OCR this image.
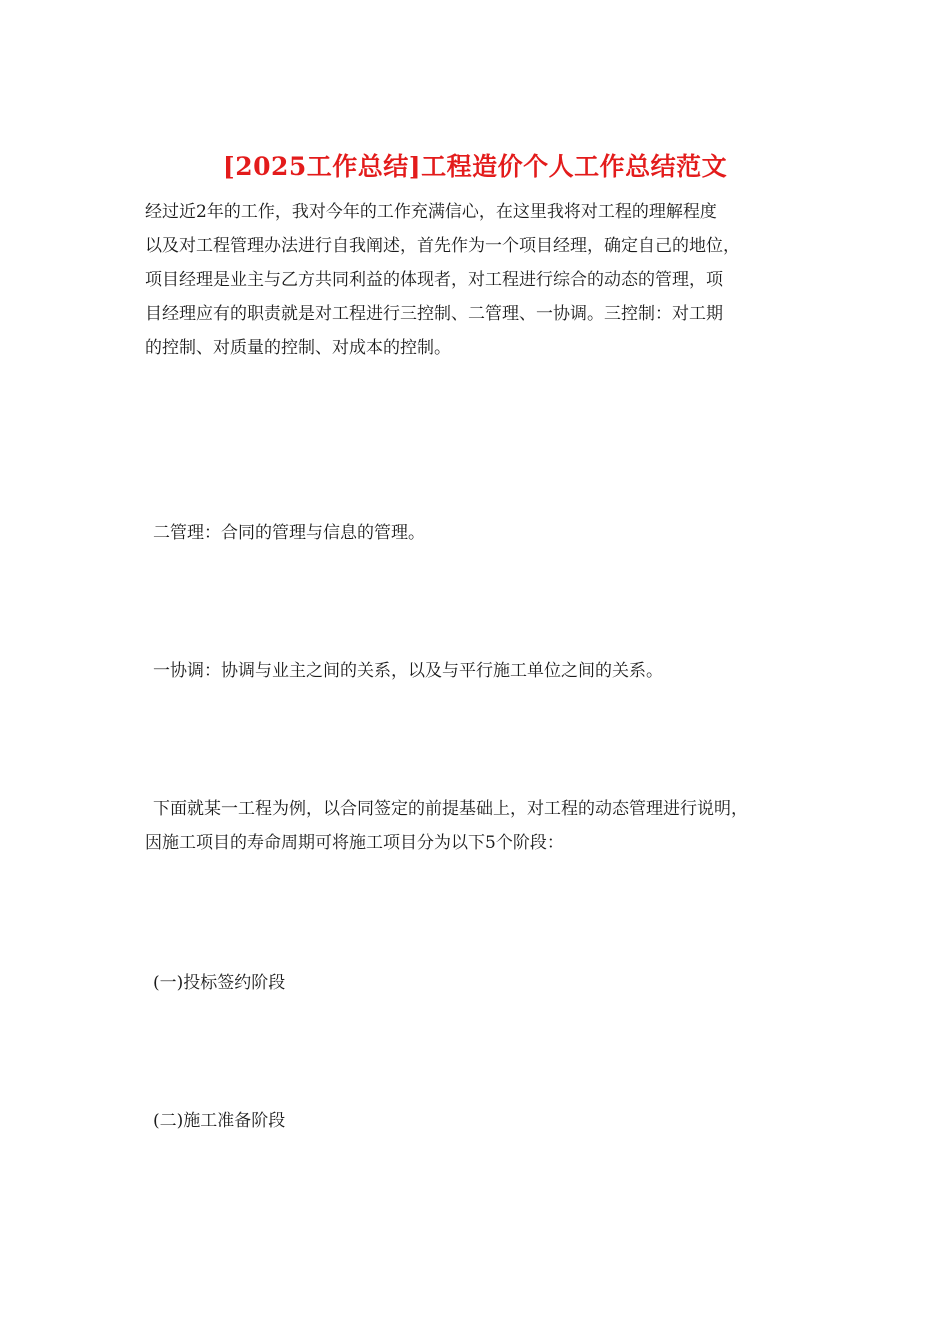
[2025工作总结]工程造价个人工作总结范文
经过近2年的工作，我对今年的工作充满信心，在这里我将对工程的理解程度
以及对工程管理办法进行自我阐述，首先作为一个项目经理，确定自己的地位，
项目经理是业主与乙方共同利益的体现者，对工程进行综合的动态的管理，项
目经理应有的职责就是对工程进行三控制、二管理、一协调。三控制：对工期
的控制、对质量的控制、对成本的控制。
二管理：合同的管理与信息的管理。
一协调：协调与业主之间的关系，以及与平行施工单位之间的关系。
下面就某一工程为例，以合同签定的前提基础上，对工程的动态管理进行说明，
因施工项目的寿命周期可将施工项目分为以下5个阶段：
(一)投标签约阶段
(二)施工准备阶段
